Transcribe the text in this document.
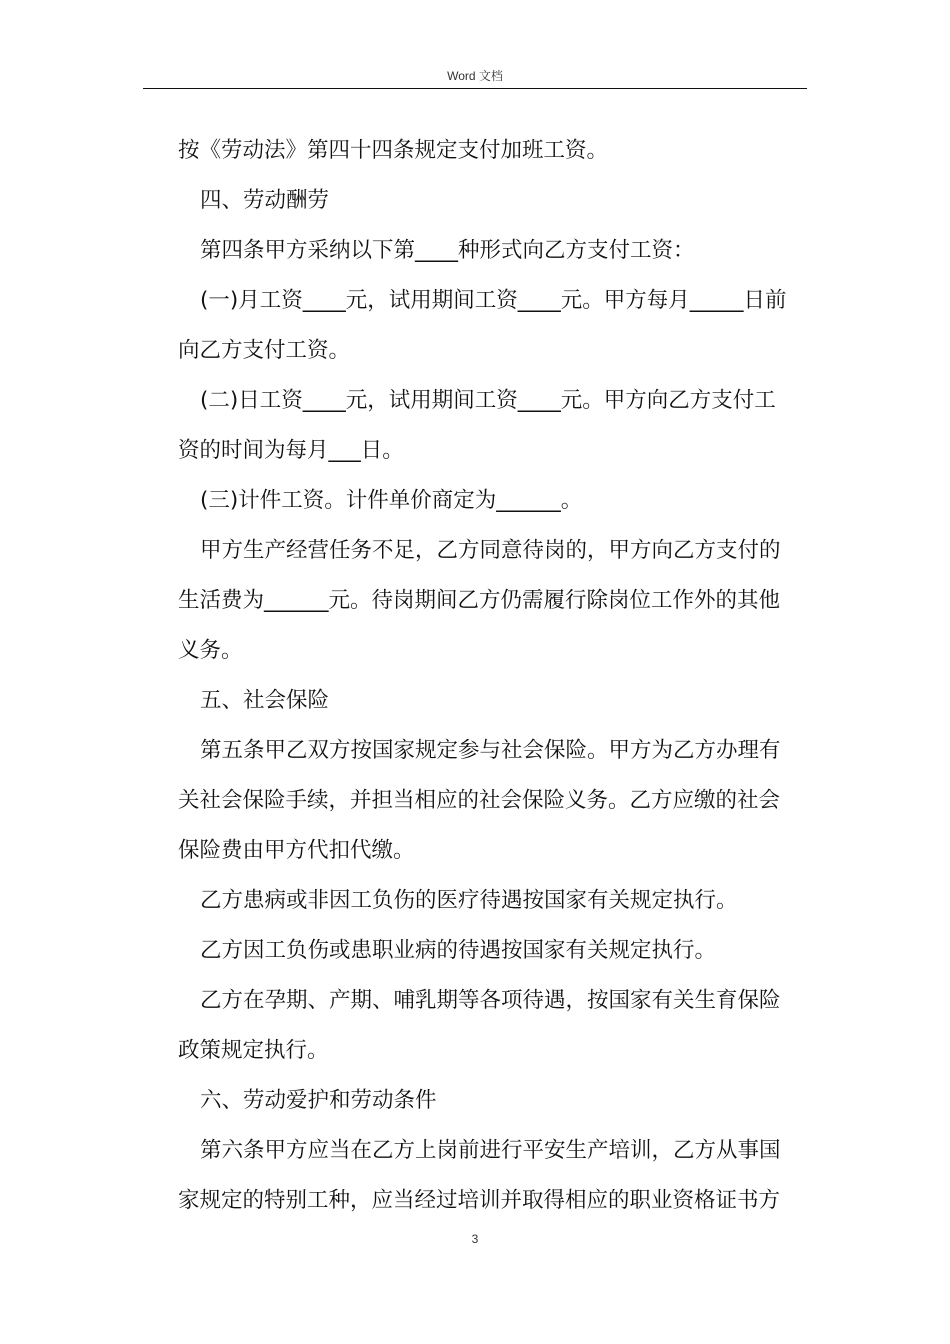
Word 文档
按《劳动法》第四十四条规定支付加班工资。
四、劳动酬劳
第四条甲方采纳以下第____种形式向乙方支付工资：
(一)月工资____元，试用期间工资____元。甲方每月_____日前
向乙方支付工资。
(二)日工资____元，试用期间工资____元。甲方向乙方支付工
资的时间为每月___日。
(三)计件工资。计件单价商定为______。
甲方生产经营任务不足，乙方同意待岗的，甲方向乙方支付的
生活费为______元。待岗期间乙方仍需履行除岗位工作外的其他
义务。
五、社会保险
第五条甲乙双方按国家规定参与社会保险。甲方为乙方办理有
关社会保险手续，并担当相应的社会保险义务。乙方应缴的社会
保险费由甲方代扣代缴。
乙方患病或非因工负伤的医疗待遇按国家有关规定执行。
乙方因工负伤或患职业病的待遇按国家有关规定执行。
乙方在孕期、产期、哺乳期等各项待遇，按国家有关生育保险
政策规定执行。
六、劳动爱护和劳动条件
第六条甲方应当在乙方上岗前进行平安生产培训，乙方从事国
家规定的特别工种，应当经过培训并取得相应的职业资格证书方
3
